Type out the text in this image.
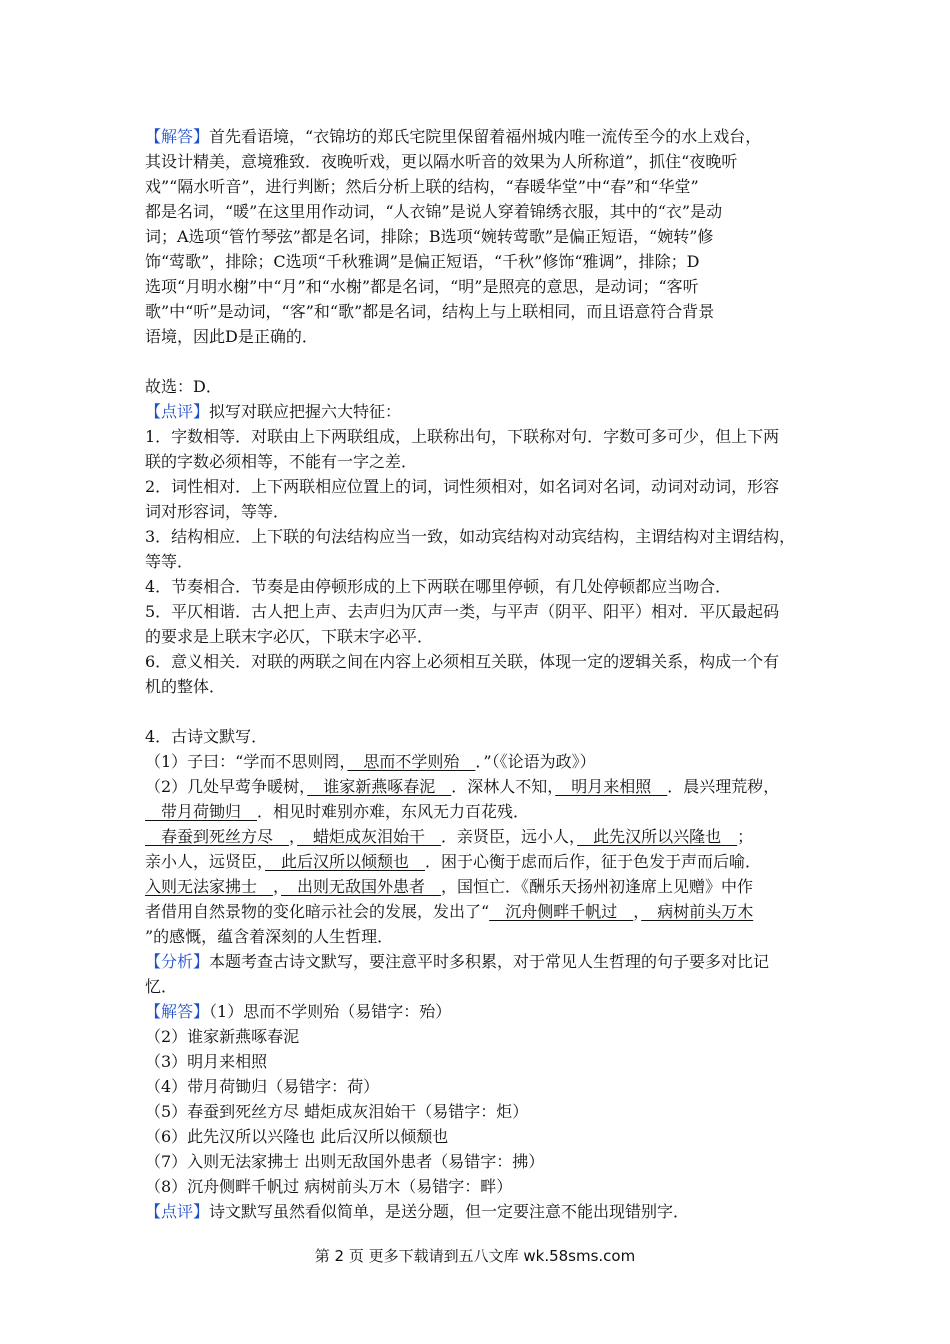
【解答】首先看语境，“衣锦坊的郑氏宅院里保留着福州城内唯一流传至今的水上戏台，
其设计精美，意境雅致．夜晚听戏，更以隔水听音的效果为人所称道”，抓住“夜晚听
戏”“隔水听音”，进行判断；然后分析上联的结构，“春暖华堂”中“春”和“华堂”
都是名词，“暖”在这里用作动词，“人衣锦”是说人穿着锦绣衣服，其中的“衣”是动
词；A选项“管竹琴弦”都是名词，排除；B选项“婉转莺歌”是偏正短语，“婉转”修
饰“莺歌”，排除；C选项“千秋雅调”是偏正短语，“千秋”修饰“雅调”，排除；D
选项“月明水榭”中“月”和“水榭”都是名词，“明”是照亮的意思，是动词；“客听
歌”中“听”是动词，“客”和“歌”都是名词，结构上与上联相同，而且语意符合背景
语境，因此D是正确的．
故选：D．
【点评】拟写对联应把握六大特征：
1．字数相等．对联由上下两联组成，上联称出句，下联称对句．字数可多可少，但上下两
联的字数必须相等，不能有一字之差．
2．词性相对．上下两联相应位置上的词，词性须相对，如名词对名词，动词对动词，形容
词对形容词，等等．
3．结构相应．上下联的句法结构应当一致，如动宾结构对动宾结构，主谓结构对主谓结构，
等等．
4．节奏相合．节奏是由停顿形成的上下两联在哪里停顿，有几处停顿都应当吻合．
5．平仄相谐．古人把上声、去声归为仄声一类，与平声（阴平、阳平）相对．平仄最起码
的要求是上联末字必仄，下联末字必平．
6．意义相关．对联的两联之间在内容上必须相互关联，体现一定的逻辑关系，构成一个有
机的整体．
4．古诗文默写．
（1）子曰：“学而不思则罔，　思而不学则殆　．”（《论语为政》）
（2）几处早莺争暖树，　谁家新燕啄春泥　．深林人不知，　明月来相照　．晨兴理荒秽，
　带月荷锄归　．相见时难别亦难，东风无力百花残．
　春蚕到死丝方尽　，　蜡炬成灰泪始干　．亲贤臣，远小人，　此先汉所以兴隆也　；
亲小人，远贤臣，　此后汉所以倾颓也　．困于心衡于虑而后作，征于色发于声而后喻．
入则无法家拂士　，　出则无敌国外患者　，国恒亡．《酬乐天扬州初逢席上见赠》中作
者借用自然景物的变化暗示社会的发展，发出了“　沉舟侧畔千帆过　，　病树前头万木
”的感慨，蕴含着深刻的人生哲理．
【分析】本题考查古诗文默写，要注意平时多积累，对于常见人生哲理的句子要多对比记
忆．
【解答】（1）思而不学则殆（易错字：殆）
（2）谁家新燕啄春泥
（3）明月来相照
（4）带月荷锄归（易错字：荷）
（5）春蚕到死丝方尽 蜡炬成灰泪始干（易错字：炬）
（6）此先汉所以兴隆也 此后汉所以倾颓也
（7）入则无法家拂士 出则无敌国外患者（易错字：拂）
（8）沉舟侧畔千帆过 病树前头万木（易错字：畔）
【点评】诗文默写虽然看似简单，是送分题，但一定要注意不能出现错别字．
第 2 页 更多下载请到五八文库 wk.58sms.com
